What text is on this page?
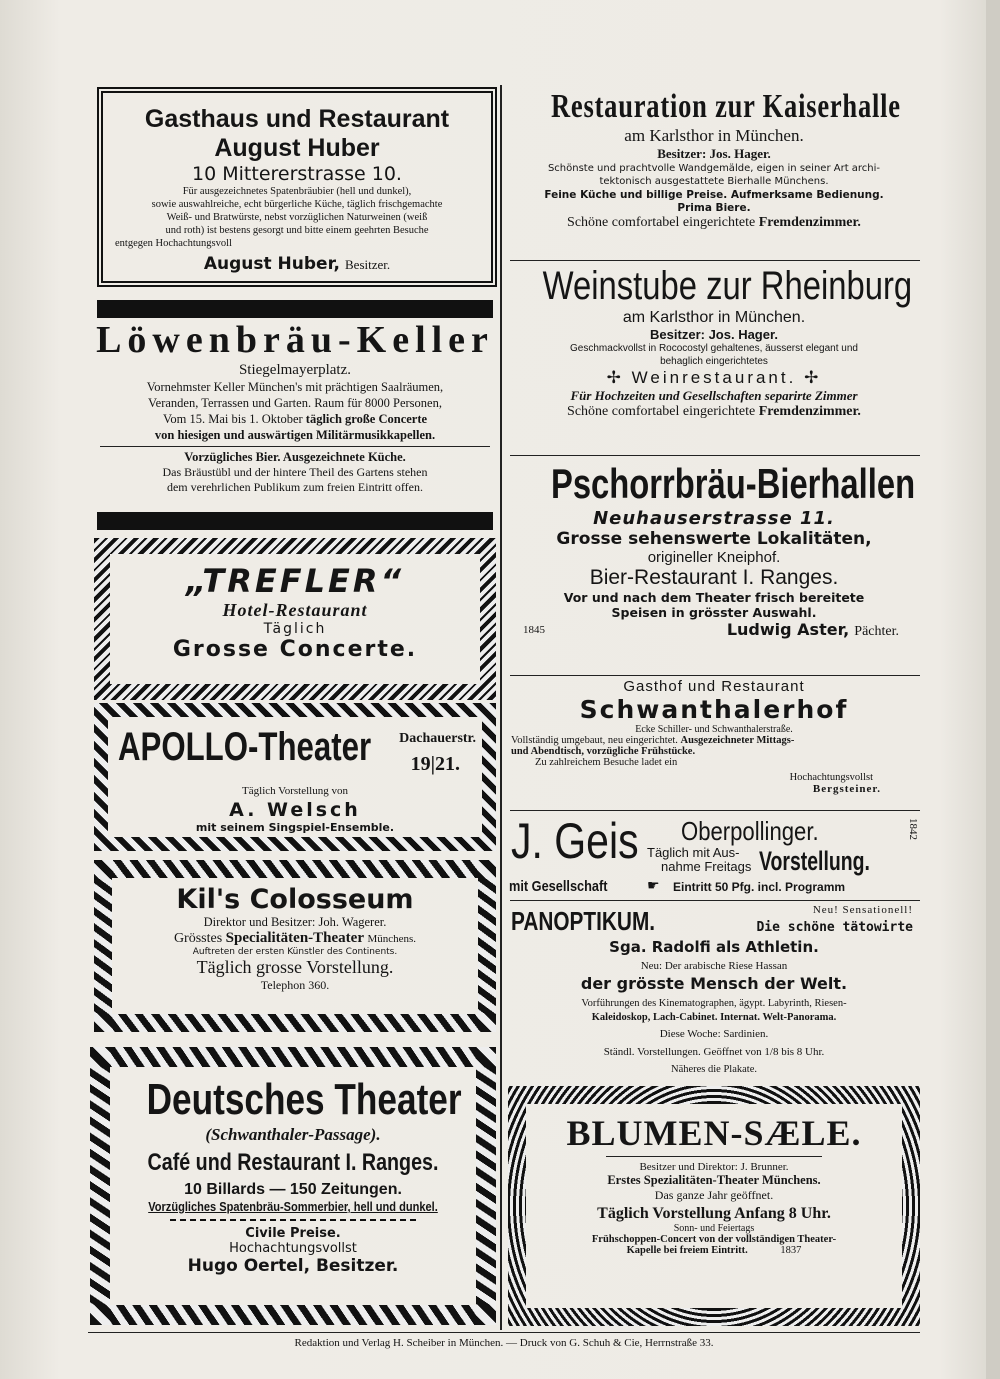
Gasthaus und Restaurant
August Huber
10 Mittererstrasse 10.
Für ausgezeichnetes Spatenbräubier (hell und dunkel),
sowie auswahlreiche, echt bürgerliche Küche, täglich frischgemachte
Weiß- und Bratwürste, nebst vorzüglichen Naturweinen (weiß
und roth) ist bestens gesorgt und bitte einem geehrten Besuche
entgegen Hochachtungsvoll
August Huber, Besitzer.
Löwenbräu-Keller
Stiegelmayerplatz.
Vornehmster Keller München's mit prächtigen Saalräumen,
Veranden, Terrassen und Garten. Raum für 8000 Personen,
Vom 15. Mai bis 1. Oktober täglich große Concerte
von hiesigen und auswärtigen Militärmusikkapellen.
Vorzügliches Bier. Ausgezeichnete Küche.
Das Bräustübl und der hintere Theil des Gartens stehen
dem verehrlichen Publikum zum freien Eintritt offen.
„TREFLER“
Hotel-Restaurant
Täglich
Grosse Concerte.
APOLLO-Theater Dachauerstr.
19|21.
Täglich Vorstellung von
A. Welsch
mit seinem Singspiel-Ensemble.
Kil's Colosseum
Direktor und Besitzer: Joh. Wagerer.
Grösstes Specialitäten-Theater Münchens.
Auftreten der ersten Künstler des Continents.
Täglich grosse Vorstellung.
Telephon 360.
Deutsches Theater
(Schwanthaler-Passage).
Café und Restaurant I. Ranges.
10 Billards — 150 Zeitungen.
Vorzügliches Spatenbräu-Sommerbier, hell und dunkel.
Civile Preise.
Hochachtungsvollst
Hugo Oertel, Besitzer.
Restauration zur Kaiserhalle
am Karlsthor in München.
Besitzer: Jos. Hager.
Schönste und prachtvolle Wandgemälde, eigen in seiner Art archi-
tektonisch ausgestattete Bierhalle Münchens.
Feine Küche und billige Preise. Aufmerksame Bedienung.
Prima Biere.
Schöne comfortabel eingerichtete Fremdenzimmer.
Weinstube zur Rheinburg
am Karlsthor in München.
Besitzer: Jos. Hager.
Geschmackvollst in Rococostyl gehaltenes, äusserst elegant und
behaglich eingerichtetes
✢ Weinrestaurant. ✢
Für Hochzeiten und Gesellschaften separirte Zimmer
Schöne comfortabel eingerichtete Fremdenzimmer.
Pschorrbräu-Bierhallen
Neuhauserstrasse 11.
Grosse sehenswerte Lokalitäten,
origineller Kneiphof.
Bier-Restaurant I. Ranges.
Vor und nach dem Theater frisch bereitete
Speisen in grösster Auswahl.
1845	Ludwig Aster, Pächter.
Gasthof und Restaurant
Schwanthalerhof
Ecke Schiller- und Schwanthalerstraße.
Vollständig umgebaut, neu eingerichtet. Ausgezeichneter Mittags-
und Abendtisch, vorzügliche Frühstücke.
Zu zahlreichem Besuche ladet ein
Hochachtungsvollst
Bergsteiner.
J. Geis Oberpollinger.	1842
Täglich mit Aus-
nahme Freitags Vorstellung.
mit Gesellschaft	☛ Eintritt 50 Pfg. incl. Programm
PANOPTIKUM.	Neu! Sensationell!
Die schöne tätowirte
Sga. Radolfi als Athletin.
Neu: Der arabische Riese Hassan
der grösste Mensch der Welt.
Vorführungen des Kinematographen, ägypt. Labyrinth, Riesen-
Kaleidoskop, Lach-Cabinet. Internat. Welt-Panorama.
Diese Woche: Sardinien.
Ständl. Vorstellungen. Geöffnet von 1/8 bis 8 Uhr.
Näheres die Plakate.
BLUMEN-SÆLE.
Besitzer und Direktor: J. Brunner.
Erstes Spezialitäten-Theater Münchens.
Das ganze Jahr geöffnet.
Täglich Vorstellung Anfang 8 Uhr.
Sonn- und Feiertags
Frühschoppen-Concert von der vollständigen Theater-
Kapelle bei freiem Eintritt.	1837
Redaktion und Verlag H. Scheiber in München. — Druck von G. Schuh & Cie, Herrnstraße 33.
